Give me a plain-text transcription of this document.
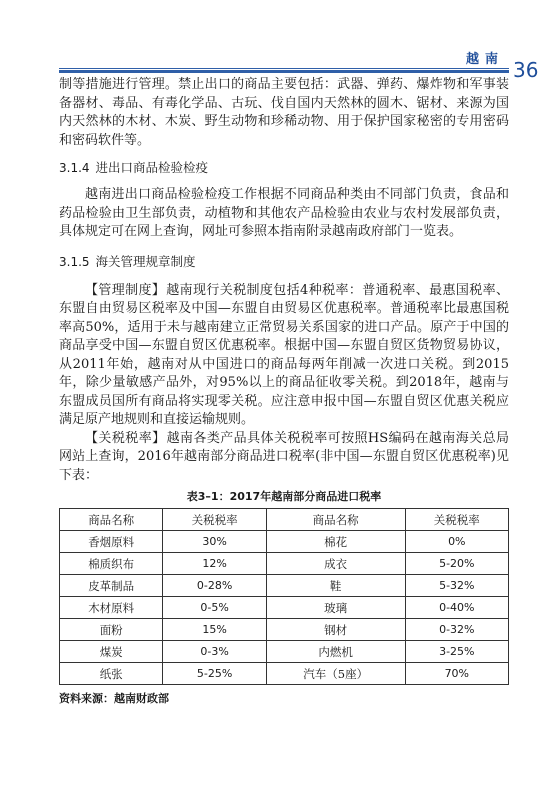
越南 36

制等措施进行管理。禁止出口的商品主要包括：武器、弹药、爆炸物和军事装备器材、毒品、有毒化学品、古玩、伐自国内天然林的圆木、锯材、来源为国内天然林的木材、木炭、野生动物和珍稀动物、用于保护国家秘密的专用密码和密码软件等。

3.1.4 进出口商品检验检疫

越南进出口商品检验检疫工作根据不同商品种类由不同部门负责，食品和药品检验由卫生部负责，动植物和其他农产品检验由农业与农村发展部负责，具体规定可在网上查询，网址可参照本指南附录越南政府部门一览表。

3.1.5 海关管理规章制度

【管理制度】越南现行关税制度包括4种税率：普通税率、最惠国税率、东盟自由贸易区税率及中国—东盟自由贸易区优惠税率。普通税率比最惠国税率高50%，适用于未与越南建立正常贸易关系国家的进口产品。原产于中国的商品享受中国—东盟自贸区优惠税率。根据中国—东盟自贸区货物贸易协议，从2011年始，越南对从中国进口的商品每两年削减一次进口关税。到2015年，除少量敏感产品外，对95%以上的商品征收零关税。到2018年，越南与东盟成员国所有商品将实现零关税。应注意申报中国—东盟自贸区优惠关税应满足原产地规则和直接运输规则。

【关税税率】越南各类产品具体关税税率可按照HS编码在越南海关总局网站上查询，2016年越南部分商品进口税率(非中国—东盟自贸区优惠税率)见下表：

表3–1：2017年越南部分商品进口税率
商品名称	关税税率	商品名称	关税税率
香烟原料	30%	棉花	0%
棉质织布	12%	成衣	5-20%
皮革制品	0-28%	鞋	5-32%
木材原料	0-5%	玻璃	0-40%
面粉	15%	钢材	0-32%
煤炭	0-3%	内燃机	3-25%
纸张	5-25%	汽车（5座）	70%
资料来源：越南财政部
